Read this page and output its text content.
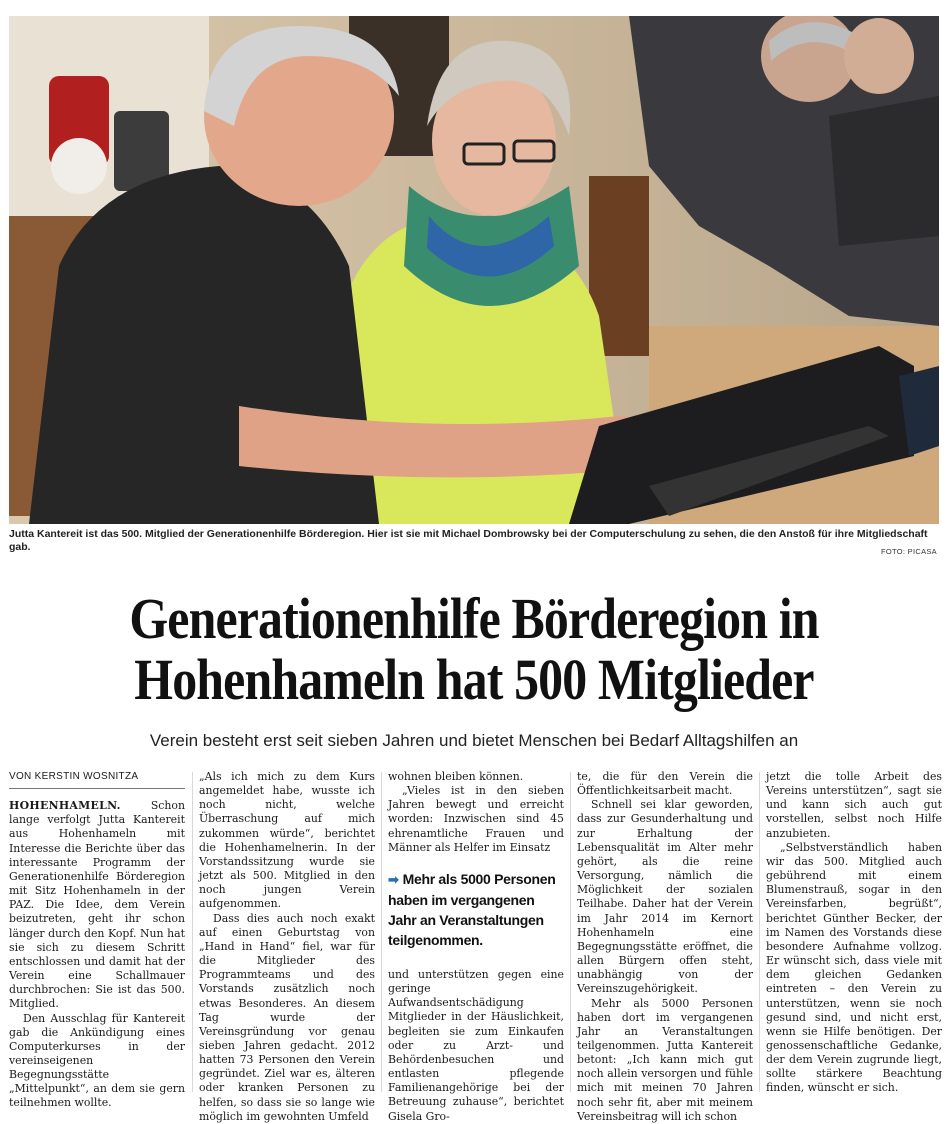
Jutta Kantereit ist das 500. Mitglied der Generationenhilfe Börderegion. Hier ist sie mit Michael Dombrowsky bei der Computerschulung zu sehen, die den Anstoß für ihre Mitgliedschaft gab.	FOTO: PICASA
Generationenhilfe Börderegion in
Hohenhameln hat 500 Mitglieder
Verein besteht erst seit sieben Jahren und bietet Menschen bei Bedarf Alltagshilfen an
VON KERSTIN WOSNITZA

HOHENHAMELN.	Schon lange verfolgt Jutta Kantereit aus Hohenhameln mit Interesse die Berichte über das interessante Programm der Generationenhilfe Börderegion mit Sitz Hohenhameln in der PAZ. Die Idee, dem Verein beizutreten, geht ihr schon länger durch den Kopf. Nun hat sie sich zu diesem Schritt entschlossen und damit hat der Verein eine Schallmauer durchbrochen: Sie ist das 500. Mitglied.

Den Ausschlag für Kantereit gab die Ankündigung eines Computerkurses in der vereinseigenen Begegnungsstätte „Mittelpunkt“, an dem sie gern teilnehmen wollte.

„Als ich mich zu dem Kurs angemeldet habe, wusste ich noch nicht, welche Überraschung auf mich zukommen würde“, berichtet die Hohenhamelnerin. In der Vorstandssitzung wurde sie jetzt als 500. Mitglied in den noch jungen Verein aufgenommen.

Dass dies auch noch exakt auf einen Geburtstag von „Hand in Hand“ fiel, war für die Mitglieder des Programmteams und des Vorstands zusätzlich noch etwas Besonderes. An diesem Tag wurde der Vereinsgründung vor genau sieben Jahren gedacht. 2012 hatten 73 Personen den Verein gegründet. Ziel war es, älteren oder kranken Personen zu helfen, so dass sie so lange wie möglich im gewohnten Umfeld

wohnen bleiben können.

„Vieles ist in den sieben Jahren bewegt und erreicht worden: Inzwischen sind 45 ehrenamtliche Frauen und Männer als Helfer im Einsatz

➡ Mehr als 5000 Personen haben im vergangenen Jahr an Veranstaltungen teilgenommen.

und unterstützen gegen eine geringe Aufwandsentschädigung Mitglieder in der Häuslichkeit, begleiten sie zum Einkaufen oder zu Arzt- und Behördenbesuchen und entlasten pflegende Familienangehörige bei der Betreuung zuhause“, berichtet Gisela Gro-

te, die für den Verein die Öffentlichkeitsarbeit macht.

Schnell sei klar geworden, dass zur Gesunderhaltung und zur Erhaltung der Lebensqualität im Alter mehr gehört, als die reine Versorgung, nämlich die Möglichkeit der sozialen Teilhabe. Daher hat der Verein im Jahr 2014 im Kernort Hohenhameln eine Begegnungsstätte eröffnet, die allen Bürgern offen steht, unabhängig von der Vereinszugehörigkeit.

Mehr als 5000 Personen haben dort im vergangenen Jahr an Veranstaltungen teilgenommen. Jutta Kantereit betont: „Ich kann mich gut noch allein versorgen und fühle mich mit meinen 70 Jahren noch sehr fit, aber mit meinem Vereinsbeitrag will ich schon

jetzt die tolle Arbeit des Vereins unterstützen“, sagt sie und kann sich auch gut vorstellen, selbst noch Hilfe anzubieten.

„Selbstverständlich haben wir das 500. Mitglied auch gebührend mit einem Blumenstrauß, sogar in den Vereinsfarben, begrüßt“, berichtet Günther Becker, der im Namen des Vorstands diese besondere Aufnahme vollzog. Er wünscht sich, dass viele mit dem gleichen Gedanken eintreten – den Verein zu unterstützen, wenn sie noch gesund sind, und nicht erst, wenn sie Hilfe benötigen. Der genossenschaftliche Gedanke, der dem Verein zugrunde liegt, sollte stärkere Beachtung finden, wünscht er sich.
